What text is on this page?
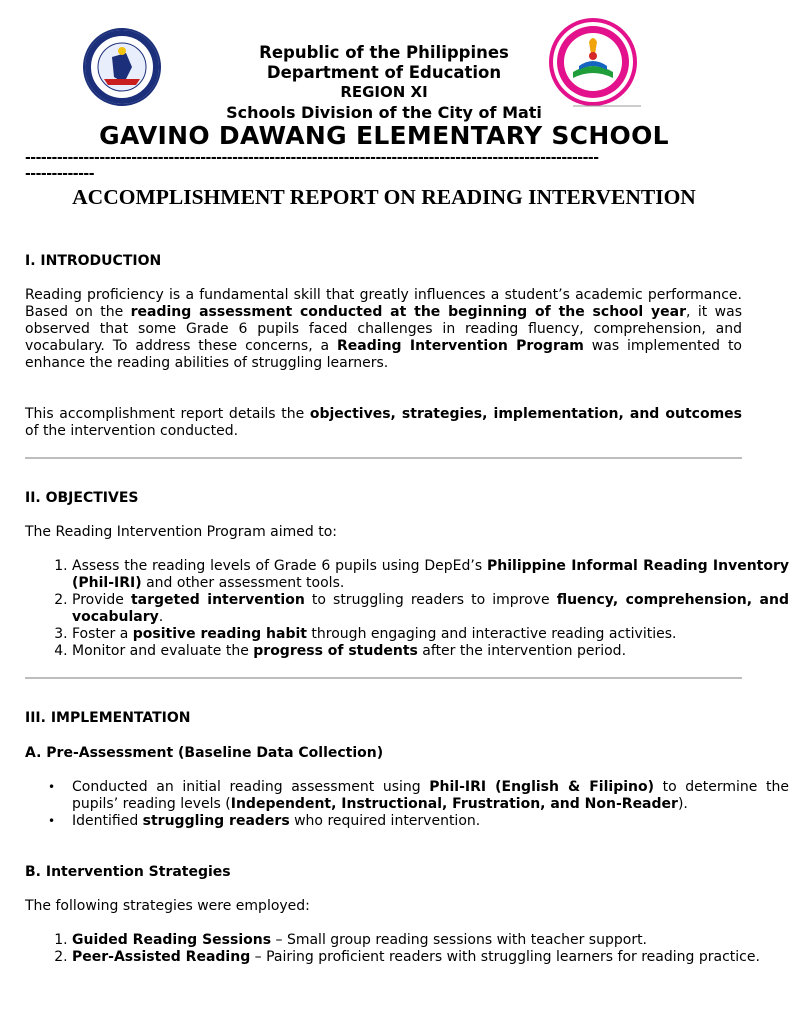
Republic of the Philippines
Department of Education
REGION XI
Schools Division of the City of Mati
GAVINO DAWANG ELEMENTARY SCHOOL
------------------------------------------------------------------------------------------------------------
-------------
ACCOMPLISHMENT REPORT ON READING INTERVENTION
I. INTRODUCTION

Reading proficiency is a fundamental skill that greatly influences a student’s academic performance. Based on the reading assessment conducted at the beginning of the school year, it was observed that some Grade 6 pupils faced challenges in reading fluency, comprehension, and vocabulary. To address these concerns, a Reading Intervention Program was implemented to enhance the reading abilities of struggling learners.

This accomplishment report details the objectives, strategies, implementation, and outcomes of the intervention conducted.

II. OBJECTIVES
The Reading Intervention Program aimed to:
1. Assess the reading levels of Grade 6 pupils using DepEd’s Philippine Informal Reading Inventory (Phil-IRI) and other assessment tools.
2. Provide targeted intervention to struggling readers to improve fluency, comprehension, and vocabulary.
3. Foster a positive reading habit through engaging and interactive reading activities.
4. Monitor and evaluate the progress of students after the intervention period.
III. IMPLEMENTATION
A. Pre-Assessment (Baseline Data Collection)
• Conducted an initial reading assessment using Phil-IRI (English & Filipino) to determine the pupils’ reading levels (Independent, Instructional, Frustration, and Non-Reader).
• Identified struggling readers who required intervention.
B. Intervention Strategies
The following strategies were employed:
1. Guided Reading Sessions – Small group reading sessions with teacher support.
2. Peer-Assisted Reading – Pairing proficient readers with struggling learners for reading practice.
